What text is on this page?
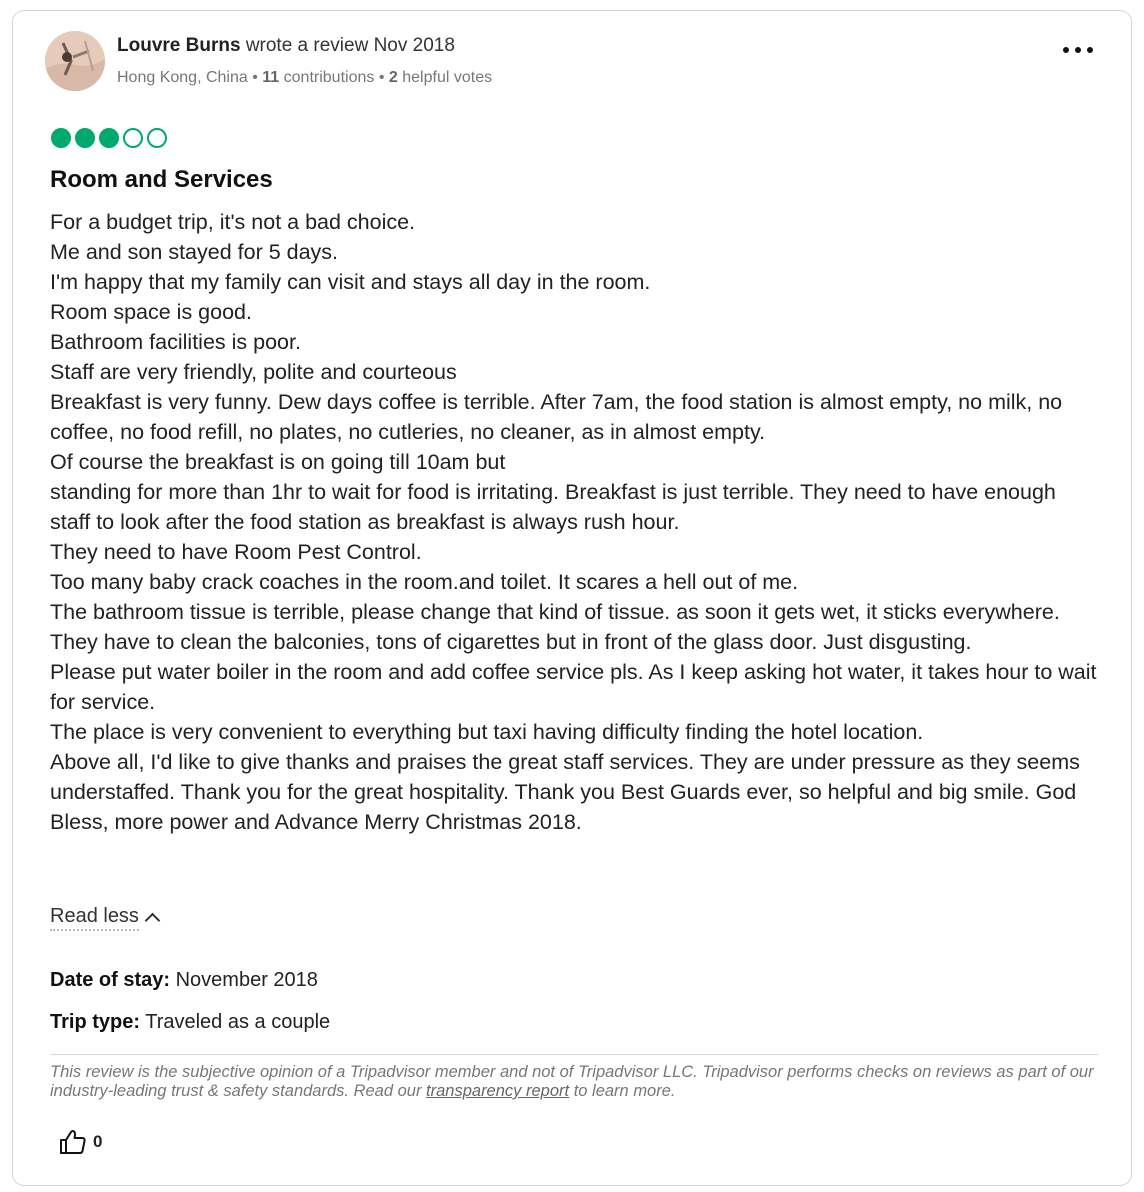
Louvre Burns wrote a review Nov 2018
Hong Kong, China • 11 contributions • 2 helpful votes
Room and Services
For a budget trip, it's not a bad choice.
Me and son stayed for 5 days.
I'm happy that my family can visit and stays all day in the room.
Room space is good.
Bathroom facilities is poor.
Staff are very friendly, polite and courteous
Breakfast is very funny. Dew days coffee is terrible. After 7am, the food station is almost empty, no milk, no coffee, no food refill, no plates, no cutleries, no cleaner, as in almost empty.
Of course the breakfast is on going till 10am but
standing for more than 1hr to wait for food is irritating. Breakfast is just terrible. They need to have enough staff to look after the food station as breakfast is always rush hour.
They need to have Room Pest Control.
Too many baby crack coaches in the room.and toilet. It scares a hell out of me.
The bathroom tissue is terrible, please change that kind of tissue. as soon it gets wet, it sticks everywhere.
They have to clean the balconies, tons of cigarettes but in front of the glass door. Just disgusting.
Please put water boiler in the room and add coffee service pls. As I keep asking hot water, it takes hour to wait for service.
The place is very convenient to everything but taxi having difficulty finding the hotel location.
Above all, I'd like to give thanks and praises the great staff services. They are under pressure as they seems understaffed. Thank you for the great hospitality. Thank you Best Guards ever, so helpful and big smile. God Bless, more power and Advance Merry Christmas 2018.
Read less
Date of stay: November 2018
Trip type: Traveled as a couple
This review is the subjective opinion of a Tripadvisor member and not of Tripadvisor LLC. Tripadvisor performs checks on reviews as part of our industry-leading trust & safety standards. Read our transparency report to learn more.
0
